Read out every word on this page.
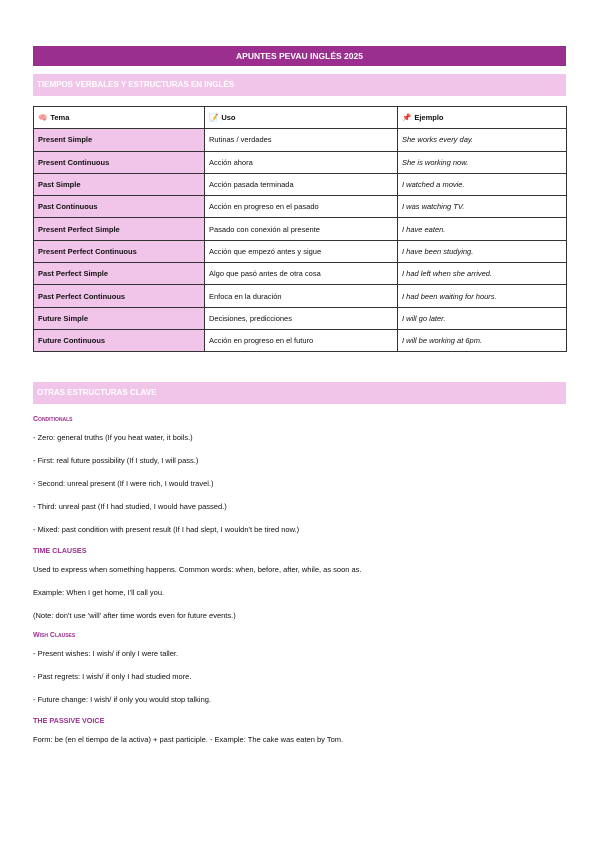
APUNTES PEVAU INGLÉS 2025
TIEMPOS VERBALES Y ESTRUCTURAS EN INGLÉS
🧠 Tema	📝 Uso	📌 Ejemplo
Present Simple	Rutinas / verdades	She works every day.
Present Continuous	Acción ahora	She is working now.
Past Simple	Acción pasada terminada	I watched a movie.
Past Continuous	Acción en progreso en el pasado	I was watching TV.
Present Perfect Simple	Pasado con conexión al presente	I have eaten.
Present Perfect Continuous	Acción que empezó antes y sigue	I have been studying.
Past Perfect Simple	Algo que pasó antes de otra cosa	I had left when she arrived.
Past Perfect Continuous	Enfoca en la duración	I had been waiting for hours.
Future Simple	Decisiones, predicciones	I will go later.
Future Continuous	Acción en progreso en el futuro	I will be working at 6pm.
OTRAS ESTRUCTURAS CLAVE
Conditionals
- Zero: general truths (If you heat water, it boils.)
- First: real future possibility (If I study, I will pass.)
- Second: unreal present (If I were rich, I would travel.)
- Third: unreal past (If I had studied, I would have passed.)
- Mixed: past condition with present result (If I had slept, I wouldn't be tired now.)
TIME CLAUSES
Used to express when something happens. Common words: when, before, after, while, as soon as.
Example: When I get home, I'll call you.
(Note: don't use 'will' after time words even for future events.)
Wish Clauses
- Present wishes: I wish/ if only I were taller.
- Past regrets: I wish/ if only I had studied more.
- Future change: I wish/ if only you would stop talking.
THE PASSIVE VOICE
Form: be (en el tiempo de la activa) + past participle. - Example: The cake was eaten by Tom.
